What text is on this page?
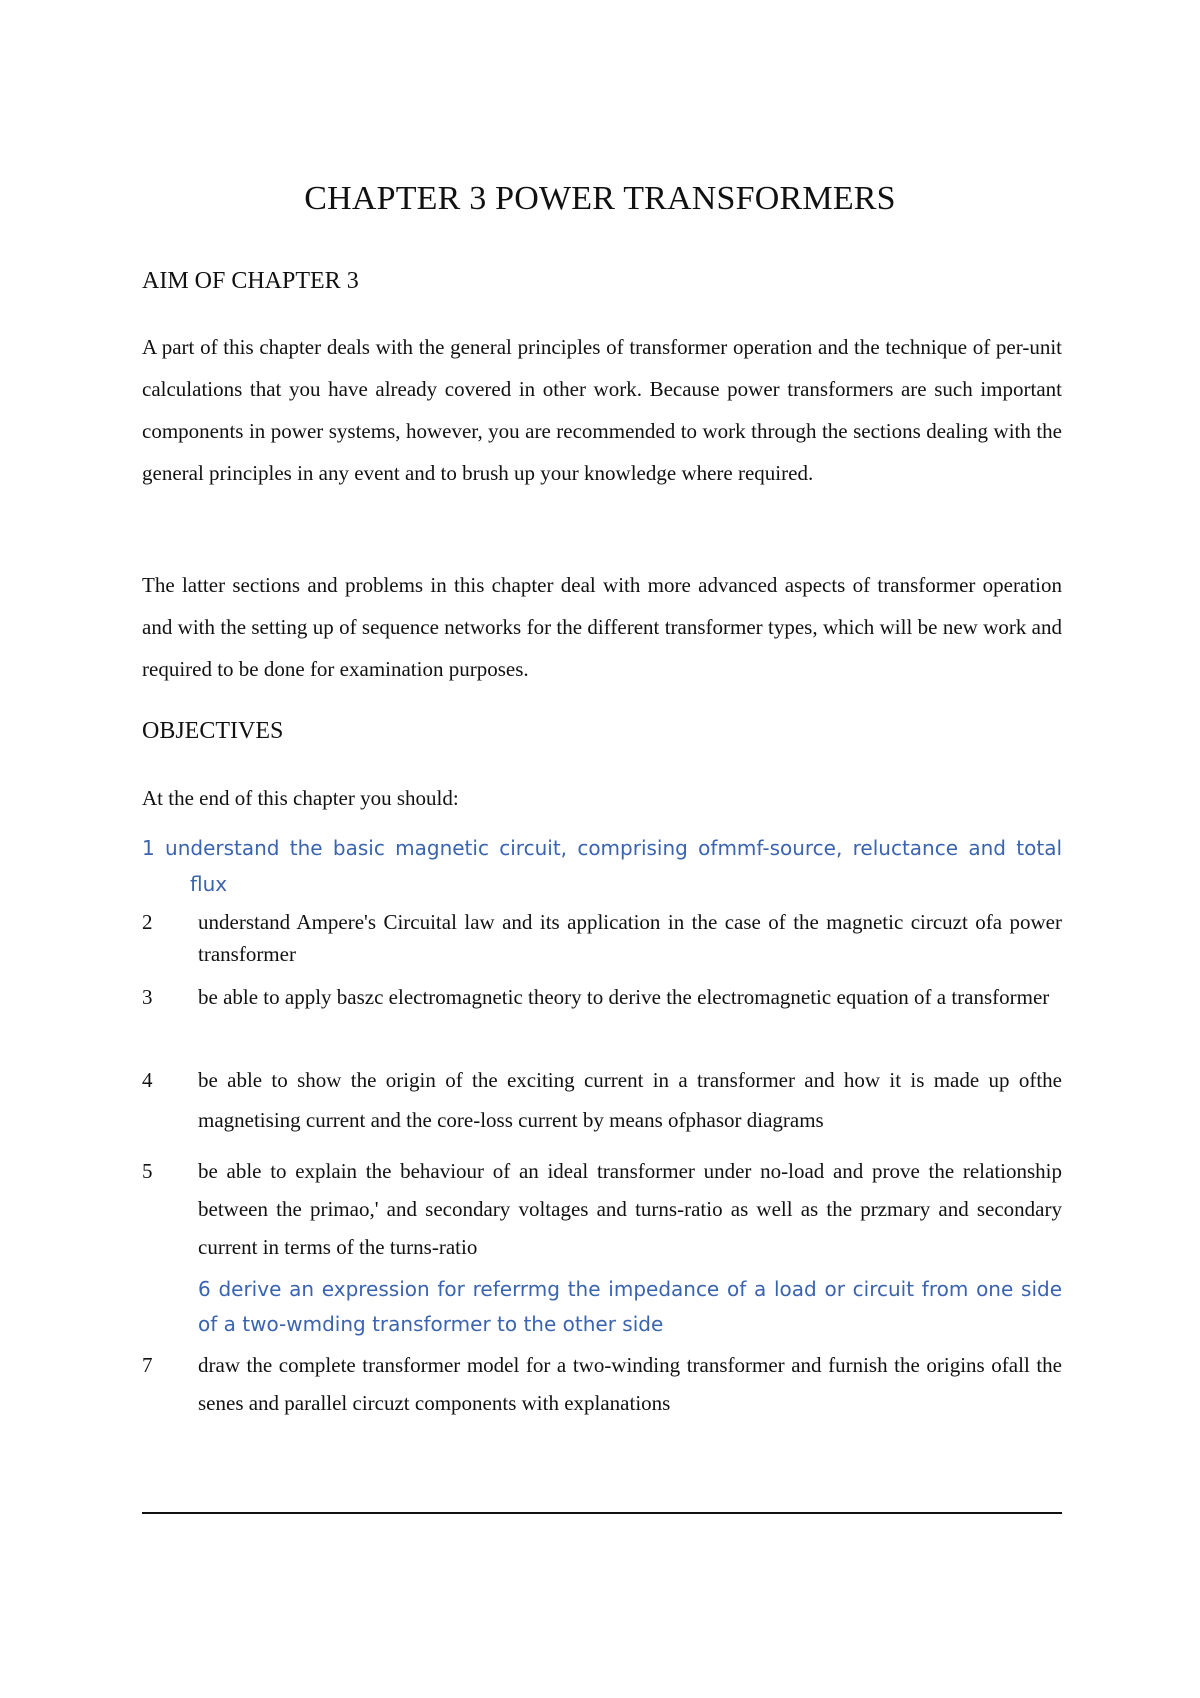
CHAPTER 3 POWER TRANSFORMERS
AIM OF CHAPTER 3
A part of this chapter deals with the general principles of transformer operation and the technique of per-unit calculations that you have already covered in other work. Because power transformers are such important components in power systems, however, you are recommended to work through the sections dealing with the general principles in any event and to brush up your knowledge where required.
The latter sections and problems in this chapter deal with more advanced aspects of transformer operation and with the setting up of sequence networks for the different transformer types, which will be new work and required to be done for examination purposes.
OBJECTIVES
At the end of this chapter you should:
1 understand the basic magnetic circuit, comprising ofmmf-source, reluctance and total
flux
2 understand Ampere's Circuital law and its application in the case of the magnetic circuzt ofa power transformer
3 be able to apply baszc electromagnetic theory to derive the electromagnetic equation of a transformer
4 be able to show the origin of the exciting current in a transformer and how it is made up ofthe magnetising current and the core-loss current by means ofphasor diagrams
5 be able to explain the behaviour of an ideal transformer under no-load and prove the relationship between the primao,' and secondary voltages and turns-ratio as well as the przmary and secondary current in terms of the turns-ratio
6 derive an expression for referrmg the impedance of a load or circuit from one side of a two-wmding transformer to the other side
7 draw the complete transformer model for a two-winding transformer and furnish the origins ofall the senes and parallel circuzt components with explanations
